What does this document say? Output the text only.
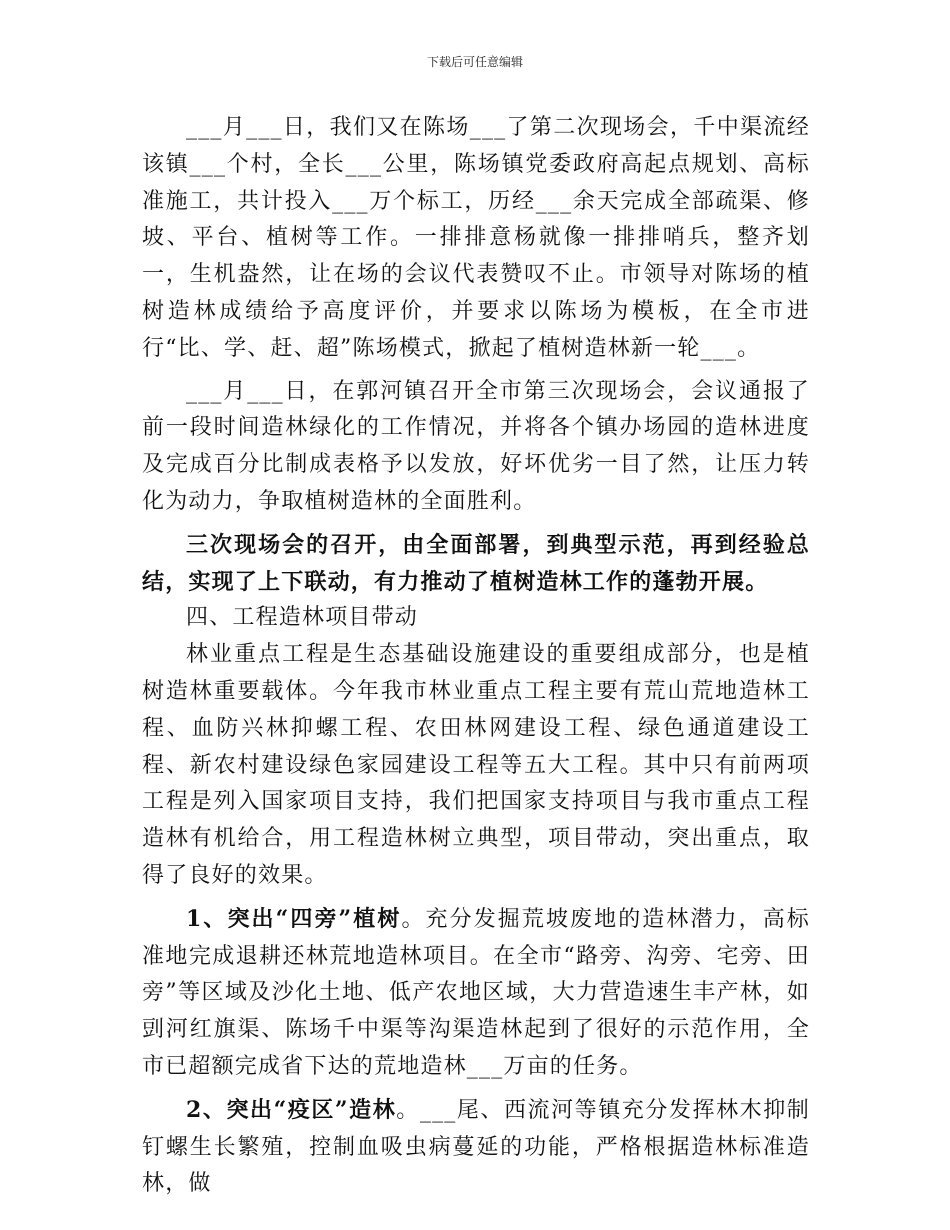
下载后可任意编辑

___月___日，我们又在陈场___了第二次现场会，千中渠流经该镇___个村，全长___公里，陈场镇党委政府高起点规划、高标准施工，共计投入___万个标工，历经___余天完成全部疏渠、修坡、平台、植树等工作。一排排意杨就像一排排哨兵，整齐划一，生机盎然，让在场的会议代表赞叹不止。市领导对陈场的植树造林成绩给予高度评价，并要求以陈场为模板，在全市进行“比、学、赶、超”陈场模式，掀起了植树造林新一轮___。

___月___日，在郭河镇召开全市第三次现场会，会议通报了前一段时间造林绿化的工作情况，并将各个镇办场园的造林进度及完成百分比制成表格予以发放，好坏优劣一目了然，让压力转化为动力，争取植树造林的全面胜利。

三次现场会的召开，由全面部署，到典型示范，再到经验总结，实现了上下联动，有力推动了植树造林工作的蓬勃开展。

四、工程造林项目带动

林业重点工程是生态基础设施建设的重要组成部分，也是植树造林重要载体。今年我市林业重点工程主要有荒山荒地造林工程、血防兴林抑螺工程、农田林网建设工程、绿色通道建设工程、新农村建设绿色家园建设工程等五大工程。其中只有前两项工程是列入国家项目支持，我们把国家支持项目与我市重点工程造林有机给合，用工程造林树立典型，项目带动，突出重点，取得了良好的效果。

1、突出“四旁”植树。充分发掘荒坡废地的造林潜力，高标准地完成退耕还林荒地造林项目。在全市“路旁、沟旁、宅旁、田旁”等区域及沙化土地、低产农地区域，大力营造速生丰产林，如剅河红旗渠、陈场千中渠等沟渠造林起到了很好的示范作用，全市已超额完成省下达的荒地造林___万亩的任务。

2、突出“疫区”造林。___尾、西流河等镇充分发挥林木抑制钉螺生长繁殖，控制血吸虫病蔓延的功能，严格根据造林标准造林，做
